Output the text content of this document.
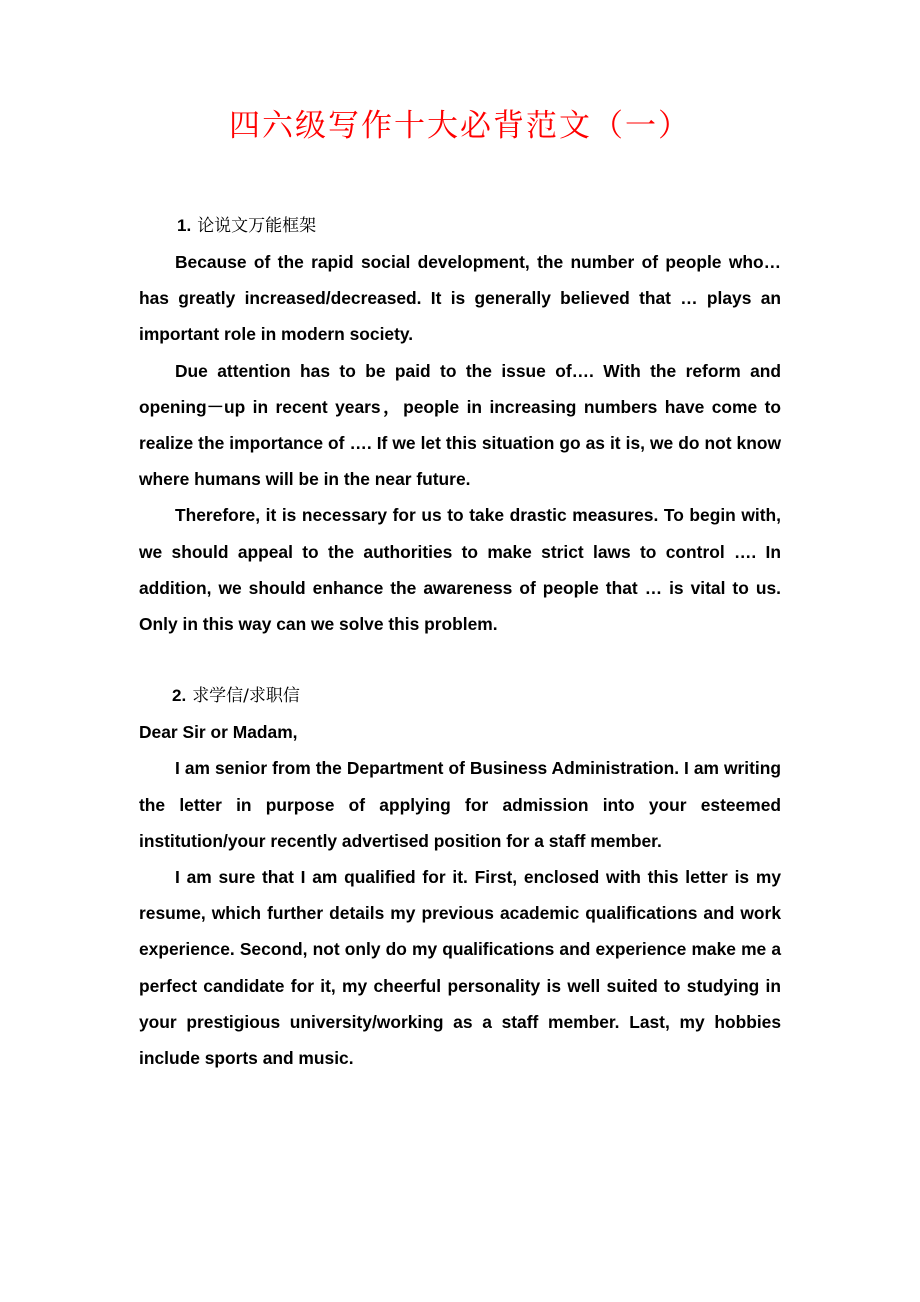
四六级写作十大必背范文（一）
1. 论说文万能框架

Because of the rapid social development, the number of people who…has greatly increased/decreased. It is generally believed that … plays an important role in modern society.

Due attention has to be paid to the issue of…. With the reform and opening－up in recent years，people in increasing numbers have come to realize the importance of …. If we let this situation go as it is, we do not know where humans will be in the near future.

Therefore, it is necessary for us to take drastic measures. To begin with, we should appeal to the authorities to make strict laws to control …. In addition, we should enhance the awareness of people that … is vital to us. Only in this way can we solve this problem.

2. 求学信/求职信

Dear Sir or Madam,

I am senior from the Department of Business Administration. I am writing the letter in purpose of applying for admission into your esteemed institution/your recently advertised position for a staff member.

I am sure that I am qualified for it. First, enclosed with this letter is my resume, which further details my previous academic qualifications and work experience. Second, not only do my qualifications and experience make me a perfect candidate for it, my cheerful personality is well suited to studying in your prestigious university/working as a staff member. Last, my hobbies include sports and music.
